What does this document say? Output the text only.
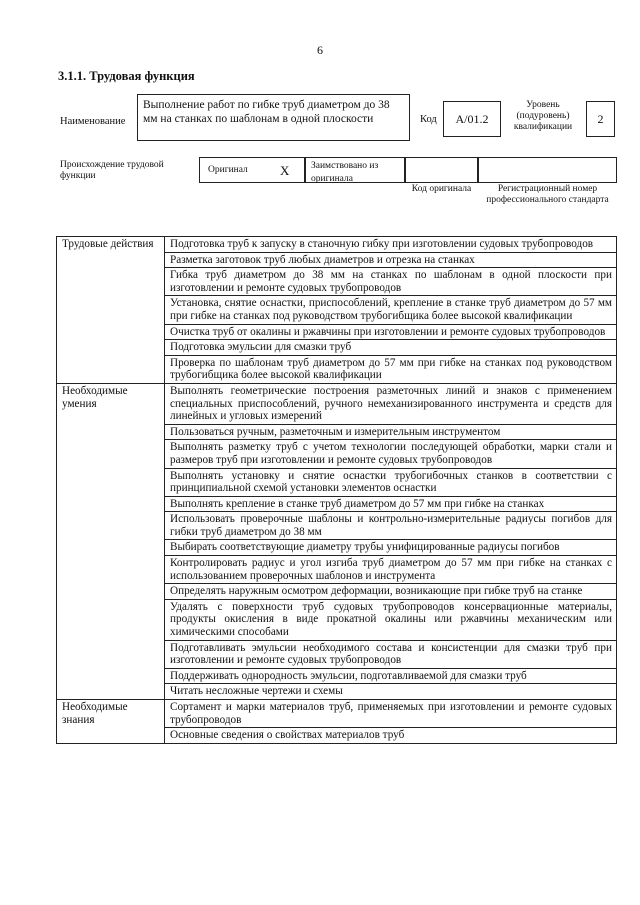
6
3.1.1. Трудовая функция
Наименование
Выполнение работ по гибке труб диаметром до 38 мм на станках по шаблонам в одной плоскости	Код А/01.2
Уровень (подуровень) квалификации
2
Происхождение трудовой функции
Оригинал X	Заимствовано из оригинала
Код оригинала	Регистрационный номер профессионального стандарта
Трудовые действия	Подготовка труб к запуску в станочную гибку при изготовлении судовых трубопроводов
	Разметка заготовок труб любых диаметров и отрезка на станках
	Гибка труб диаметром до 38 мм на станках по шаблонам в одной плоскости при изготовлении и ремонте судовых трубопроводов
	Установка, снятие оснастки, приспособлений, крепление в станке труб диаметром до 57 мм при гибке на станках под руководством трубогибщика более высокой квалификации
	Очистка труб от окалины и ржавчины при изготовлении и ремонте судовых трубопроводов
	Подготовка эмульсии для смазки труб
	Проверка по шаблонам труб диаметром до 57 мм при гибке на станках под руководством трубогибщика более высокой квалификации
Необходимые умения	Выполнять геометрические построения разметочных линий и знаков с применением специальных приспособлений, ручного немеханизированного инструмента и средств для линейных и угловых измерений
	Пользоваться ручным, разметочным и измерительным инструментом
	Выполнять разметку труб с учетом технологии последующей обработки, марки стали и размеров труб при изготовлении и ремонте судовых трубопроводов
	Выполнять установку и снятие оснастки трубогибочных станков в соответствии с принципиальной схемой установки элементов оснастки
	Выполнять крепление в станке труб диаметром до 57 мм при гибке на станках
	Использовать проверочные шаблоны и контрольно-измерительные радиусы погибов для гибки труб диаметром до 38 мм
	Выбирать соответствующие диаметру трубы унифицированные радиусы погибов
	Контролировать радиус и угол изгиба труб диаметром до 57 мм при гибке на станках с использованием проверочных шаблонов и инструмента
	Определять наружным осмотром деформации, возникающие при гибке труб на станке
	Удалять с поверхности труб судовых трубопроводов консервационные материалы, продукты окисления в виде прокатной окалины или ржавчины механическим или химическими способами
	Подготавливать эмульсии необходимого состава и консистенции для смазки труб при изготовлении и ремонте судовых трубопроводов
	Поддерживать однородность эмульсии, подготавливаемой для смазки труб
	Читать несложные чертежи и схемы
Необходимые знания	Сортамент и марки материалов труб, применяемых при изготовлении и ремонте судовых трубопроводов
	Основные сведения о свойствах материалов труб
